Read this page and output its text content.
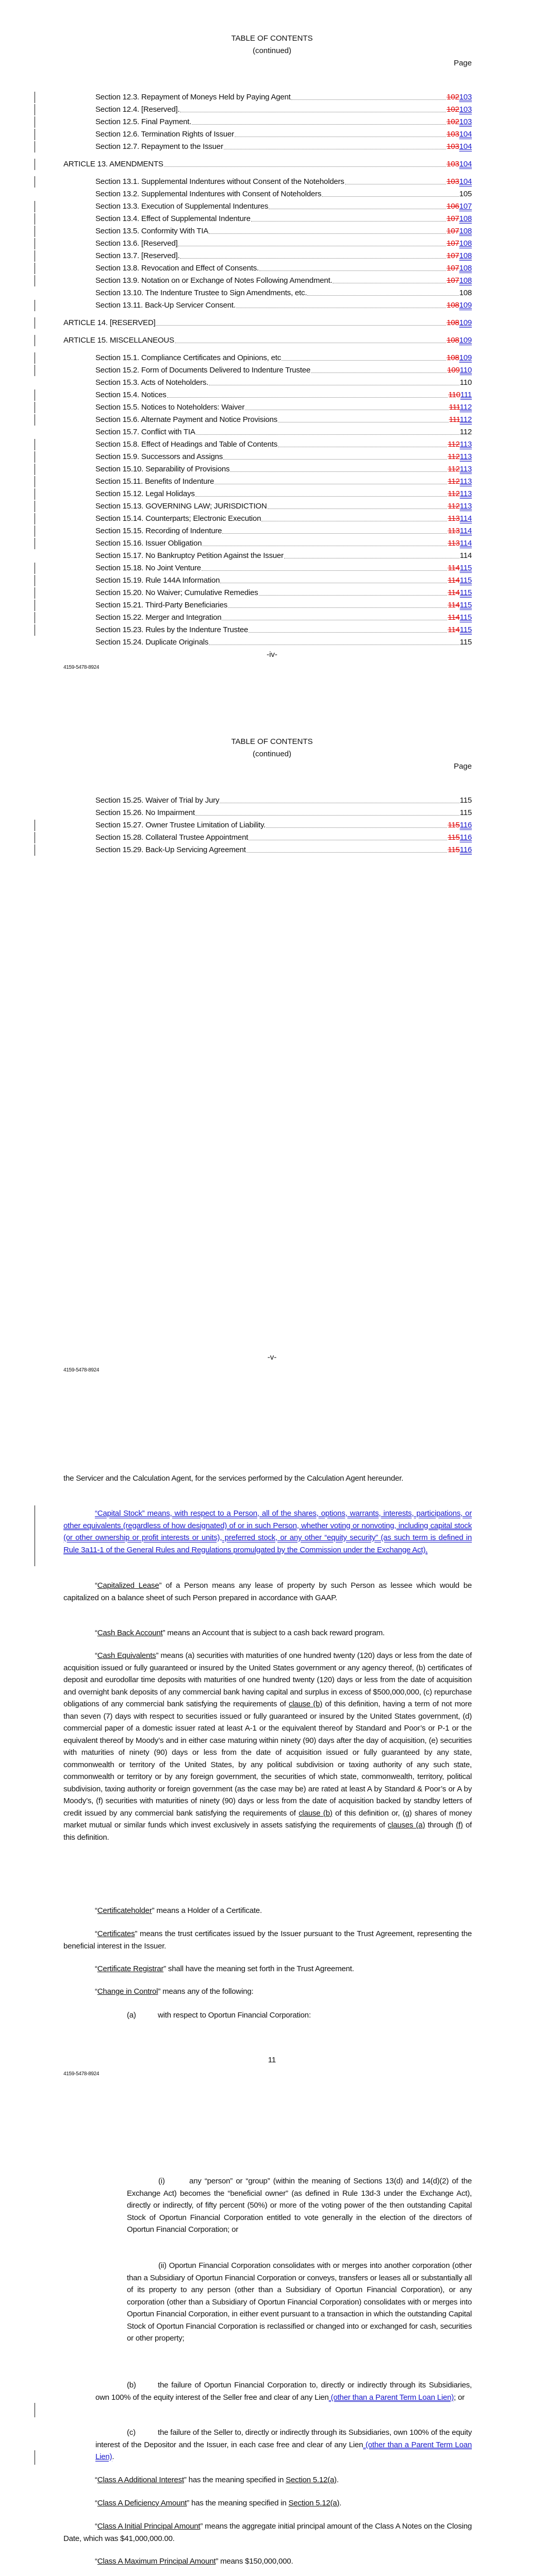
TABLE OF CONTENTS
(continued)
Page
Section 12.3. Repayment of Moneys Held by Paying Agent	102103
Section 12.4. [Reserved].	102103
Section 12.5. Final Payment.	102103
Section 12.6. Termination Rights of Issuer	103104
Section 12.7. Repayment to the Issuer	103104
ARTICLE 13. AMENDMENTS	103104
Section 13.1. Supplemental Indentures without Consent of the Noteholders	103104
Section 13.2. Supplemental Indentures with Consent of Noteholders	105
Section 13.3. Execution of Supplemental Indentures	106107
Section 13.4. Effect of Supplemental Indenture	107108
Section 13.5. Conformity With TIA	107108
Section 13.6. [Reserved]	107108
Section 13.7. [Reserved].	107108
Section 13.8. Revocation and Effect of Consents.	107108
Section 13.9. Notation on or Exchange of Notes Following Amendment.	107108
Section 13.10. The Indenture Trustee to Sign Amendments, etc.	108
Section 13.11. Back-Up Servicer Consent.	108109
ARTICLE 14. [RESERVED]	108109
ARTICLE 15. MISCELLANEOUS	108109
Section 15.1. Compliance Certificates and Opinions, etc	108109
Section 15.2. Form of Documents Delivered to Indenture Trustee	109110
Section 15.3. Acts of Noteholders.	110
Section 15.4. Notices	110111
Section 15.5. Notices to Noteholders: Waiver	111112
Section 15.6. Alternate Payment and Notice Provisions	111112
Section 15.7. Conflict with TIA	112
Section 15.8. Effect of Headings and Table of Contents	112113
Section 15.9. Successors and Assigns	112113
Section 15.10. Separability of Provisions	112113
Section 15.11. Benefits of Indenture	112113
Section 15.12. Legal Holidays	112113
Section 15.13. GOVERNING LAW; JURISDICTION	112113
Section 15.14. Counterparts; Electronic Execution	113114
Section 15.15. Recording of Indenture	113114
Section 15.16. Issuer Obligation	113114
Section 15.17. No Bankruptcy Petition Against the Issuer	114
Section 15.18. No Joint Venture	114115
Section 15.19. Rule 144A Information	114115
Section 15.20. No Waiver; Cumulative Remedies	114115
Section 15.21. Third-Party Beneficiaries	114115
Section 15.22. Merger and Integration	114115
Section 15.23. Rules by the Indenture Trustee	114115
Section 15.24. Duplicate Originals	115
-iv-
4159-5478-8924
TABLE OF CONTENTS
(continued)
Page
Section 15.25. Waiver of Trial by Jury	115
Section 15.26. No Impairment	115
Section 15.27. Owner Trustee Limitation of Liability.	115116
Section 15.28. Collateral Trustee Appointment	115116
Section 15.29. Back-Up Servicing Agreement	115116
-v-
4159-5478-8924
the Servicer and the Calculation Agent, for the services performed by the Calculation Agent hereunder.
“Capital Stock” means, with respect to a Person, all of the shares, options, warrants, interests, participations, or other equivalents (regardless of how designated) of or in such Person, whether voting or nonvoting, including capital stock (or other ownership or profit interests or units), preferred stock, or any other “equity security” (as such term is defined in Rule 3a11-1 of the General Rules and Regulations promulgated by the Commission under the Exchange Act).
“Capitalized Lease” of a Person means any lease of property by such Person as lessee which would be capitalized on a balance sheet of such Person prepared in accordance with GAAP.
“Cash Back Account” means an Account that is subject to a cash back reward program.
“Cash Equivalents” means (a) securities with maturities of one hundred twenty (120) days or less from the date of acquisition issued or fully guaranteed or insured by the United States government or any agency thereof, (b) certificates of deposit and eurodollar time deposits with maturities of one hundred twenty (120) days or less from the date of acquisition and overnight bank deposits of any commercial bank having capital and surplus in excess of $500,000,000, (c) repurchase obligations of any commercial bank satisfying the requirements of clause (b) of this definition, having a term of not more than seven (7) days with respect to securities issued or fully guaranteed or insured by the United States government, (d) commercial paper of a domestic issuer rated at least A-1 or the equivalent thereof by Standard and Poor’s or P-1 or the equivalent thereof by Moody’s and in either case maturing within ninety (90) days after the day of acquisition, (e) securities with maturities of ninety (90) days or less from the date of acquisition issued or fully guaranteed by any state, commonwealth or territory of the United States, by any political subdivision or taxing authority of any such state, commonwealth or territory or by any foreign government, the securities of which state, commonwealth, territory, political subdivision, taxing authority or foreign government (as the case may be) are rated at least A by Standard & Poor’s or A by Moody’s, (f) securities with maturities of ninety (90) days or less from the date of acquisition backed by standby letters of credit issued by any commercial bank satisfying the requirements of clause (b) of this definition or, (g) shares of money market mutual or similar funds which invest exclusively in assets satisfying the requirements of clauses (a) through (f) of this definition.
“Certificateholder” means a Holder of a Certificate.
“Certificates” means the trust certificates issued by the Issuer pursuant to the Trust Agreement, representing the beneficial interest in the Issuer.
“Certificate Registrar” shall have the meaning set forth in the Trust Agreement.
“Change in Control” means any of the following:
(a)	with respect to Oportun Financial Corporation:
11
4159-5478-8924
(i)	any “person” or “group” (within the meaning of Sections 13(d) and 14(d)(2) of the Exchange Act) becomes the “beneficial owner” (as defined in Rule 13d-3 under the Exchange Act), directly or indirectly, of fifty percent (50%) or more of the voting power of the then outstanding Capital Stock of Oportun Financial Corporation entitled to vote generally in the election of the directors of Oportun Financial Corporation; or
(ii) Oportun Financial Corporation consolidates with or merges into another corporation (other than a Subsidiary of Oportun Financial Corporation or conveys, transfers or leases all or substantially all of its property to any person (other than a Subsidiary of Oportun Financial Corporation), or any corporation (other than a Subsidiary of Oportun Financial Corporation) consolidates with or merges into Oportun Financial Corporation, in either event pursuant to a transaction in which the outstanding Capital Stock of Oportun Financial Corporation is reclassified or changed into or exchanged for cash, securities or other property;
(b)	the failure of Oportun Financial Corporation to, directly or indirectly through its Subsidiaries, own 100% of the equity interest of the Seller free and clear of any Lien (other than a Parent Term Loan Lien); or
(c)	the failure of the Seller to, directly or indirectly through its Subsidiaries, own 100% of the equity interest of the Depositor and the Issuer, in each case free and clear of any Lien (other than a Parent Term Loan Lien).
“Class A Additional Interest” has the meaning specified in Section 5.12(a).
“Class A Deficiency Amount” has the meaning specified in Section 5.12(a).
“Class A Initial Principal Amount” means the aggregate initial principal amount of the Class A Notes on the Closing Date, which was $41,000,000.00.
“Class A Maximum Principal Amount” means $150,000,000.
